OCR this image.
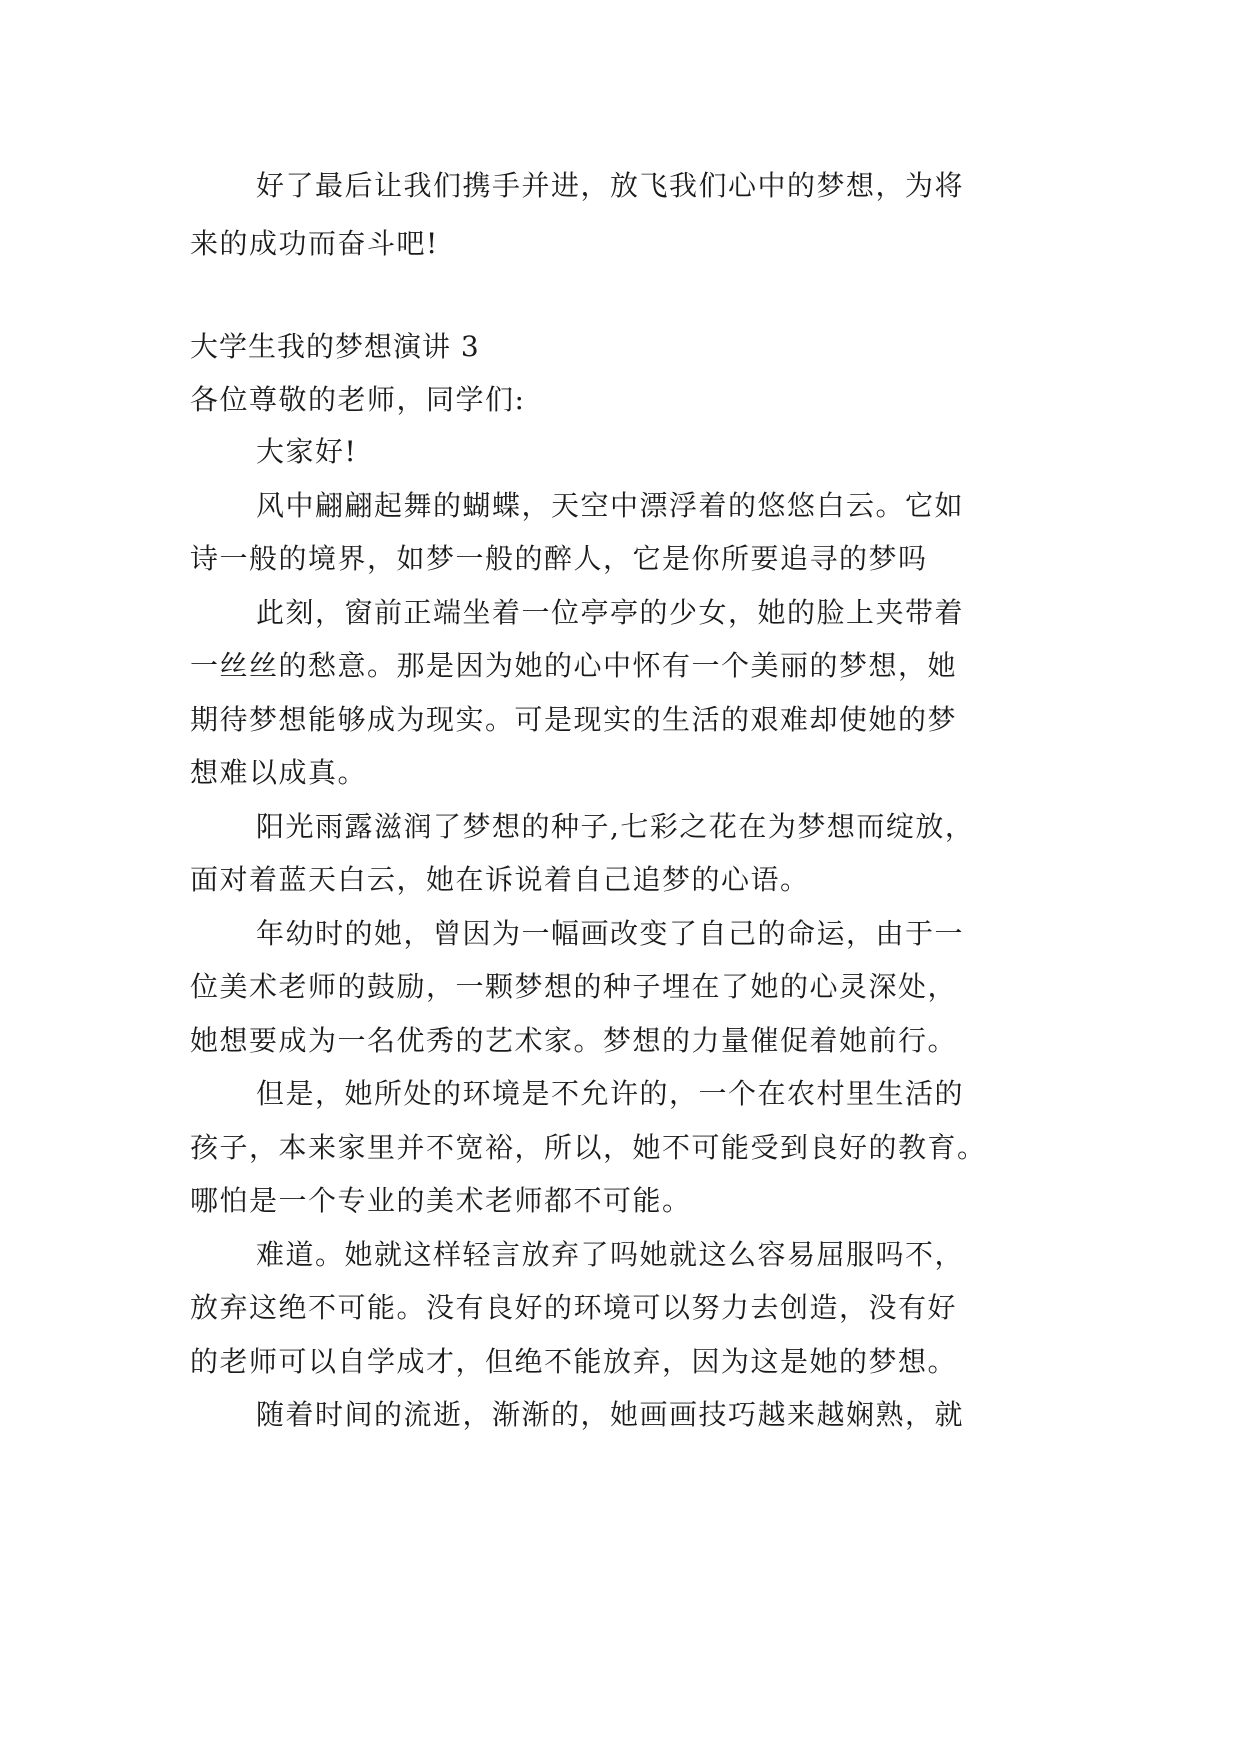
好了最后让我们携手并进，放飞我们心中的梦想，为将
来的成功而奋斗吧!
大学生我的梦想演讲 3
各位尊敬的老师，同学们:
大家好!
风中翩翩起舞的蝴蝶，天空中漂浮着的悠悠白云。它如
诗一般的境界，如梦一般的醉人，它是你所要追寻的梦吗
此刻，窗前正端坐着一位亭亭的少女，她的脸上夹带着
一丝丝的愁意。那是因为她的心中怀有一个美丽的梦想，她
期待梦想能够成为现实。可是现实的生活的艰难却使她的梦
想难以成真。
阳光雨露滋润了梦想的种子,七彩之花在为梦想而绽放，
面对着蓝天白云，她在诉说着自己追梦的心语。
年幼时的她，曾因为一幅画改变了自己的命运，由于一
位美术老师的鼓励，一颗梦想的种子埋在了她的心灵深处，
她想要成为一名优秀的艺术家。梦想的力量催促着她前行。
但是，她所处的环境是不允许的，一个在农村里生活的
孩子，本来家里并不宽裕，所以，她不可能受到良好的教育。
哪怕是一个专业的美术老师都不可能。
难道。她就这样轻言放弃了吗她就这么容易屈服吗不，
放弃这绝不可能。没有良好的环境可以努力去创造，没有好
的老师可以自学成才，但绝不能放弃，因为这是她的梦想。
随着时间的流逝，渐渐的，她画画技巧越来越娴熟，就
